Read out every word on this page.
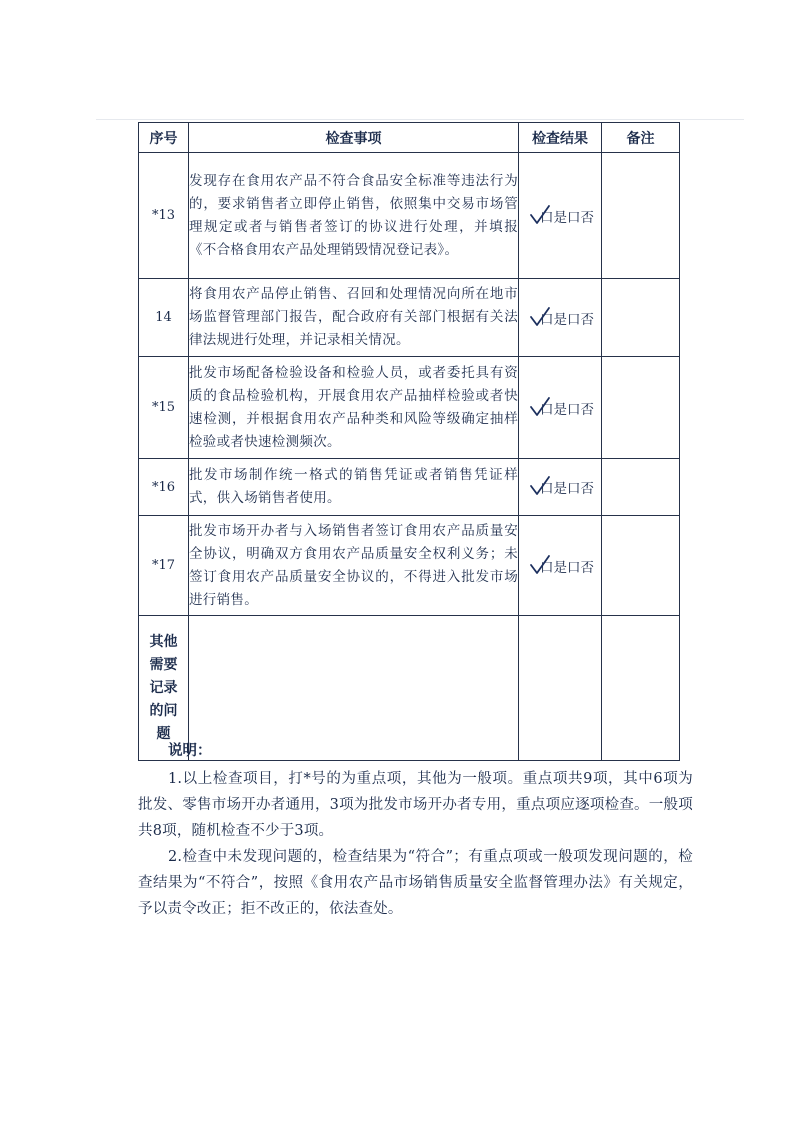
序号	检查事项	检查结果	备注
*13	发现存在食用农产品不符合食品安全标准等违法行为的，要求销售者立即停止销售，依照集中交易市场管理规定或者与销售者签订的协议进行处理，并填报《不合格食用农产品处理销毁情况登记表》。	口是口否	

14	将食用农产品停止销售、召回和处理情况向所在地市场监督管理部门报告，配合政府有关部门根据有关法律法规进行处理，并记录相关情况。	口是口否	

*15	批发市场配备检验设备和检验人员，或者委托具有资质的食品检验机构，开展食用农产品抽样检验或者快速检测，并根据食用农产品种类和风险等级确定抽样检验或者快速检测频次。	口是口否	

*16	批发市场制作统一格式的销售凭证或者销售凭证样式，供入场销售者使用。	口是口否	

*17	批发市场开办者与入场销售者签订食用农产品质量安全协议，明确双方食用农产品质量安全权利义务；未签订食用农产品质量安全协议的，不得进入批发市场进行销售。	口是口否	

其他需要记录的问题			
说明：

1.以上检查项目，打*号的为重点项，其他为一般项。重点项共9项，其中6项为批发、零售市场开办者通用，3项为批发市场开办者专用，重点项应逐项检查。一般项共8项，随机检查不少于3项。

2.检查中未发现问题的，检查结果为“符合”；有重点项或一般项发现问题的，检查结果为“不符合”，按照《食用农产品市场销售质量安全监督管理办法》有关规定，予以责令改正；拒不改正的，依法查处。
